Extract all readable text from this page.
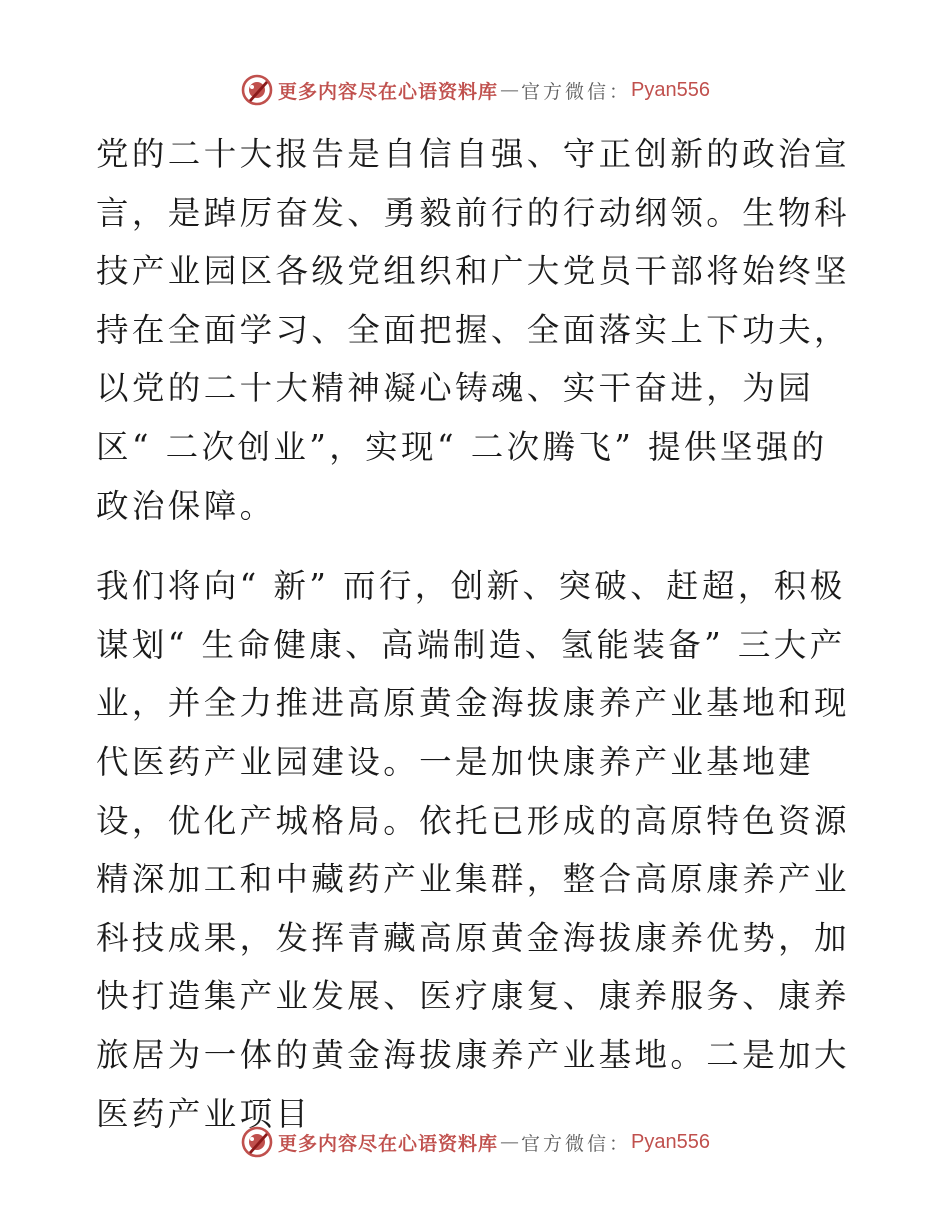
更多内容尽在心语资料库 — 官方微信： Pyan556

党的二十大报告是自信自强、守正创新的政治宣言，是踔厉奋发、勇毅前行的行动纲领。生物科技产业园区各级党组织和广大党员干部将始终坚持在全面学习、全面把握、全面落实上下功夫，以党的二十大精神凝心铸魂、实干奋进，为园区“ 二次创业”，实现“ 二次腾飞” 提供坚强的政治保障。

我们将向“ 新” 而行，创新、突破、赶超，积极谋划“ 生命健康、高端制造、氢能装备” 三大产业，并全力推进高原黄金海拔康养产业基地和现代医药产业园建设。一是加快康养产业基地建设，优化产城格局。依托已形成的高原特色资源精深加工和中藏药产业集群，整合高原康养产业科技成果，发挥青藏高原黄金海拔康养优势，加快打造集产业发展、医疗康复、康养服务、康养旅居为一体的黄金海拔康养产业基地。二是加大医药产业项目

更多内容尽在心语资料库 — 官方微信： Pyan556
